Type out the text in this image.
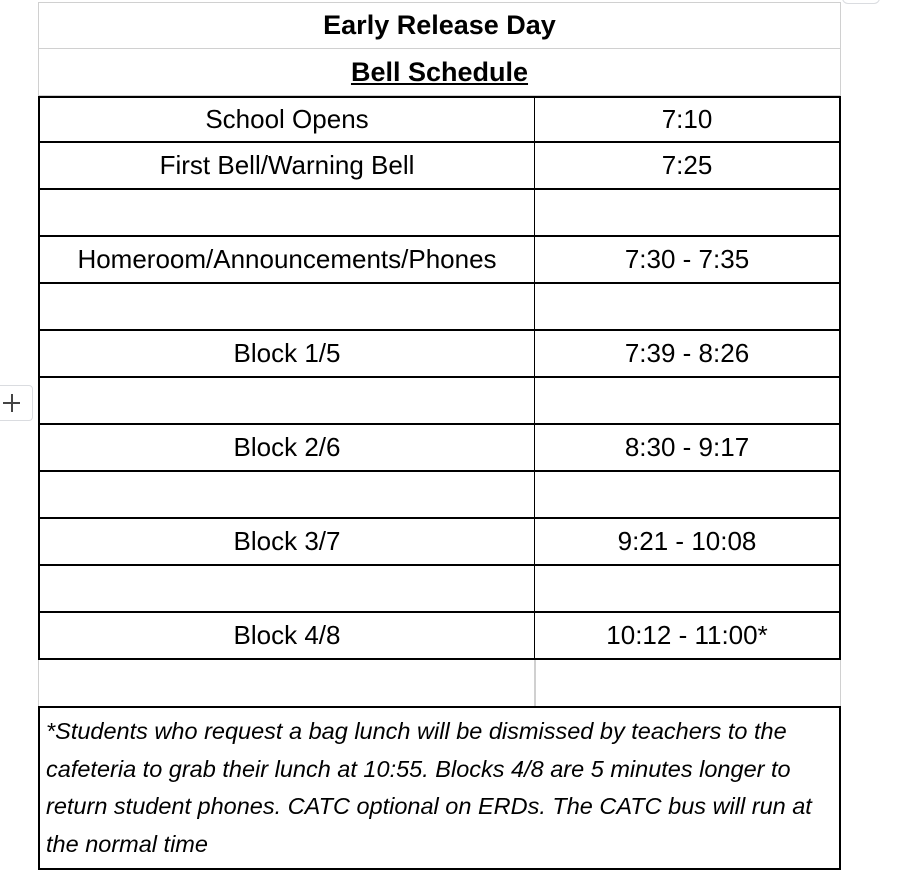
Early Release Day
Bell Schedule
School Opens	7:10
First Bell/Warning Bell	7:25
Homeroom/Announcements/Phones	7:30 - 7:35
Block 1/5	7:39 - 8:26
Block 2/6	8:30 - 9:17
Block 3/7	9:21 - 10:08
Block 4/8	10:12 - 11:00*
*Students who request a bag lunch will be dismissed by teachers to the cafeteria to grab their lunch at 10:55. Blocks 4/8 are 5 minutes longer to return student phones. CATC optional on ERDs. The CATC bus will run at the normal time
